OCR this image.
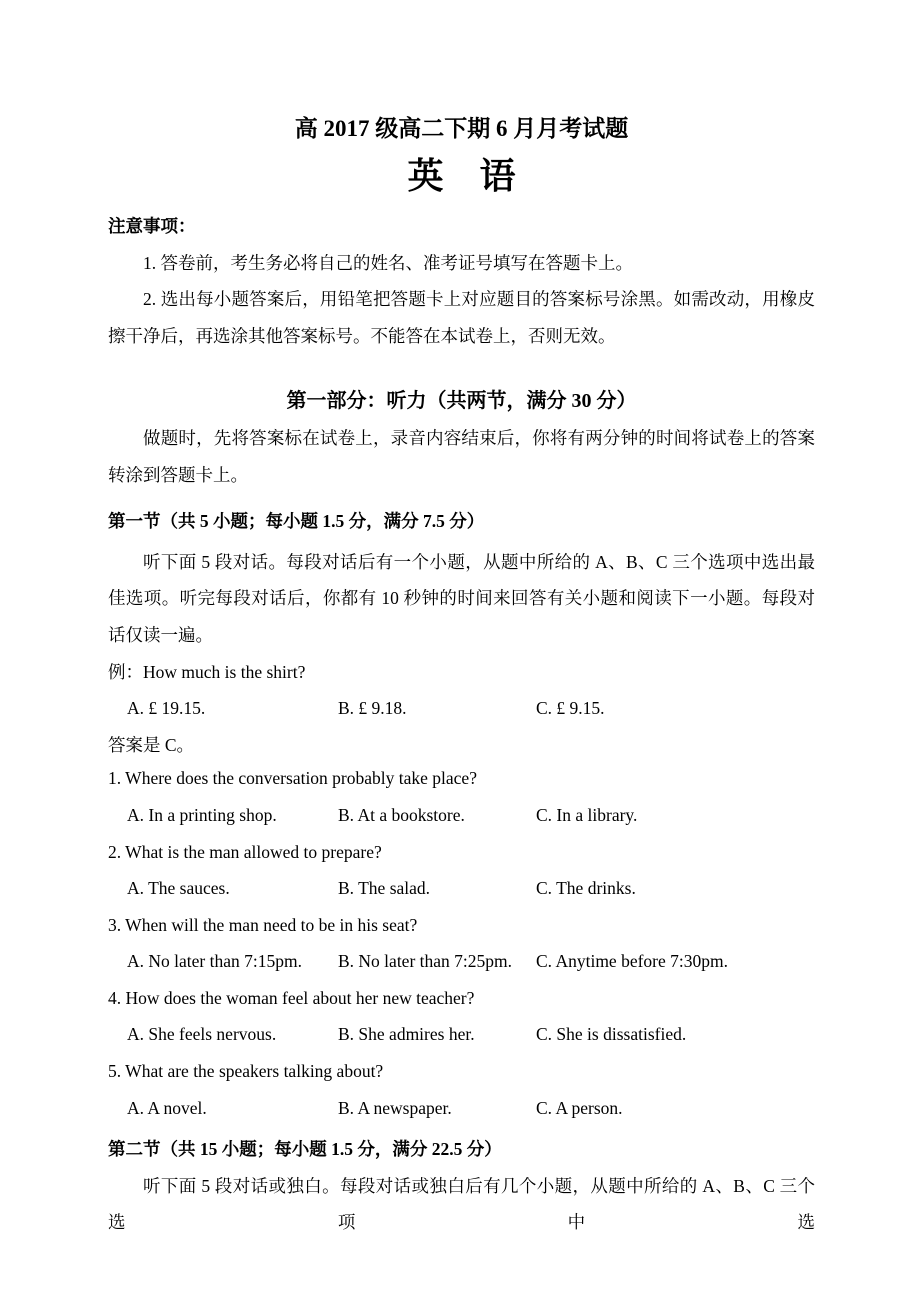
高 2017 级高二下期 6 月月考试题
英　语
注意事项：
1. 答卷前，考生务必将自己的姓名、准考证号填写在答题卡上。
2. 选出每小题答案后，用铅笔把答题卡上对应题目的答案标号涂黑。如需改动，用橡皮擦干净后，再选涂其他答案标号。不能答在本试卷上，否则无效。
第一部分：听力（共两节，满分 30 分）
做题时，先将答案标在试卷上，录音内容结束后，你将有两分钟的时间将试卷上的答案转涂到答题卡上。
第一节（共 5 小题；每小题 1.5 分，满分 7.5 分）
听下面 5 段对话。每段对话后有一个小题，从题中所给的 A、B、C 三个选项中选出最佳选项。听完每段对话后，你都有 10 秒钟的时间来回答有关小题和阅读下一小题。每段对话仅读一遍。
例：How much is the shirt?
A. £ 19.15.	B. £ 9.18.	C. £ 9.15.
答案是 C。
1. Where does the conversation probably take place?
A. In a printing shop.	B. At a bookstore.	C. In a library.
2. What is the man allowed to prepare?
A. The sauces.	B. The salad.	C. The drinks.
3. When will the man need to be in his seat?
A. No later than 7:15pm.	B. No later than 7:25pm.	C. Anytime before 7:30pm.
4. How does the woman feel about her new teacher?
A. She feels nervous.	B. She admires her.	C. She is dissatisfied.
5. What are the speakers talking about?
A. A novel.	B. A newspaper.	C. A person.
第二节（共 15 小题；每小题 1.5 分，满分 22.5 分）
听下面 5 段对话或独白。每段对话或独白后有几个小题，从题中所给的 A、B、C 三个选项中选
